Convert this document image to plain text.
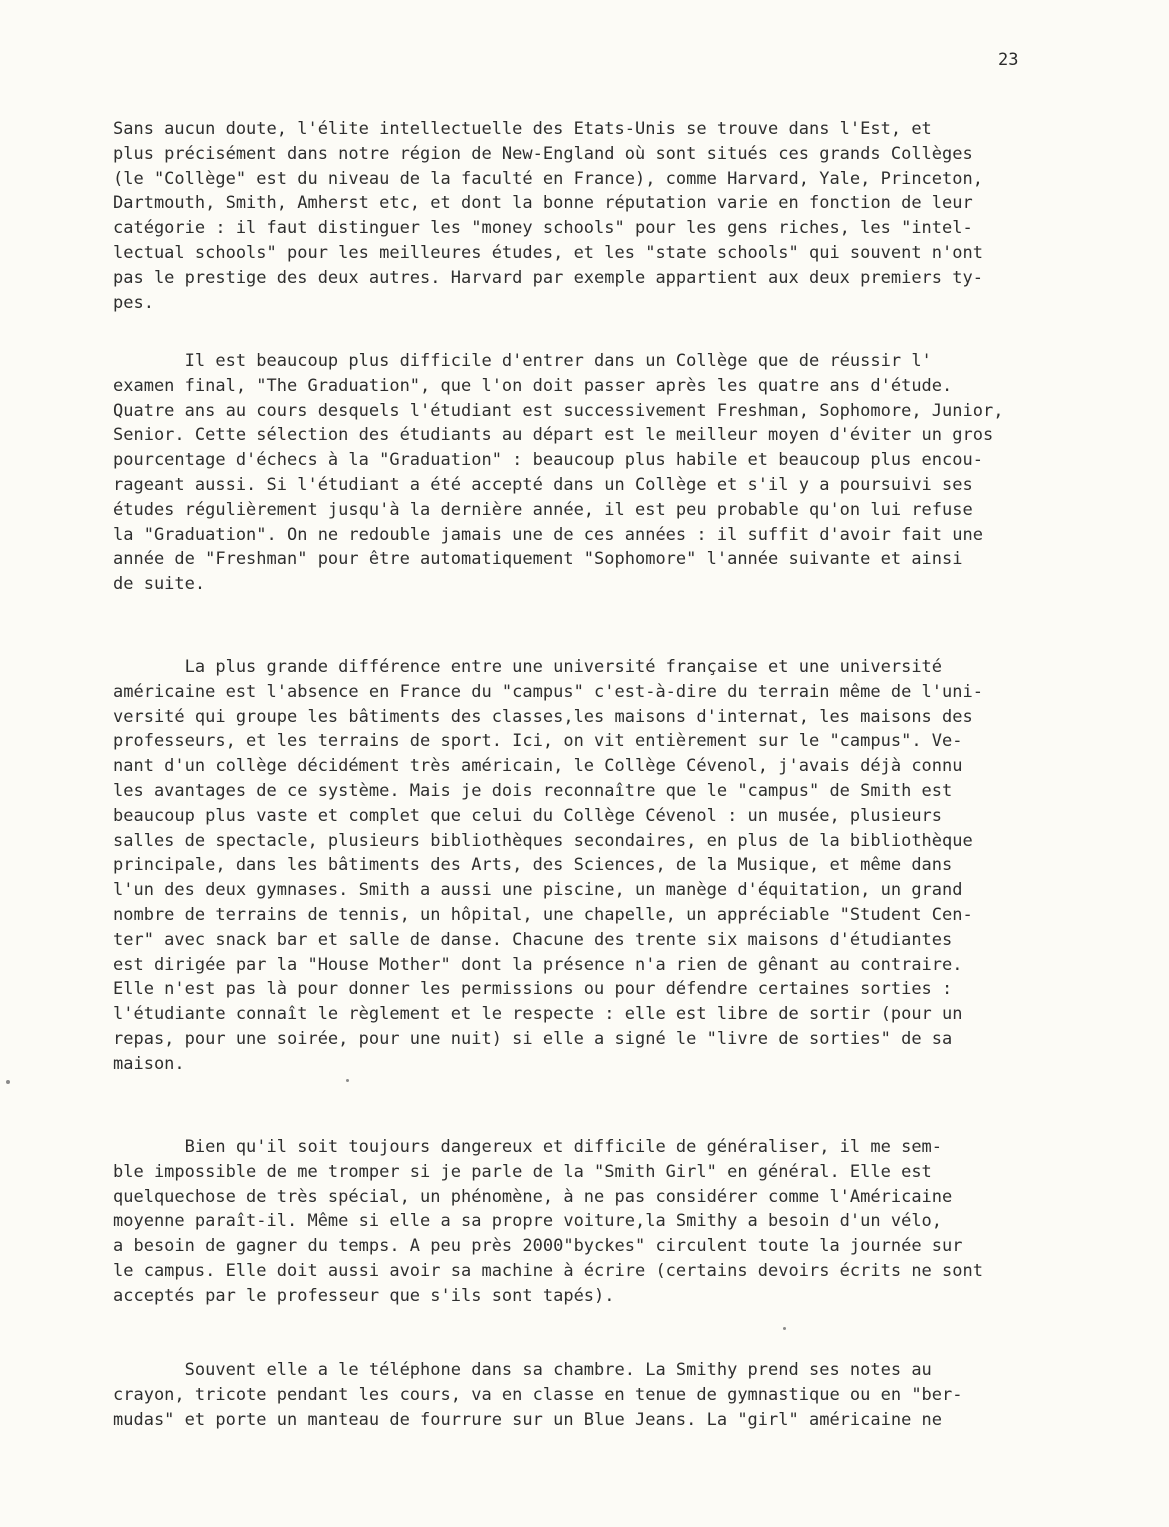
23
Sans aucun doute, l'élite intellectuelle des Etats-Unis se trouve dans l'Est, et
plus précisément dans notre région de New-England où sont situés ces grands Collèges
(le "Collège" est du niveau de la faculté en France), comme Harvard, Yale, Princeton,
Dartmouth, Smith, Amherst etc, et dont la bonne réputation varie en fonction de leur
catégorie : il faut distinguer les "money schools" pour les gens riches, les "intel-
lectual schools" pour les meilleures études, et les "state schools" qui souvent n'ont
pas le prestige des deux autres. Harvard par exemple appartient aux deux premiers ty-
pes.
Il est beaucoup plus difficile d'entrer dans un Collège que de réussir l'
examen final, "The Graduation", que l'on doit passer après les quatre ans d'étude.
Quatre ans au cours desquels l'étudiant est successivement Freshman, Sophomore, Junior,
Senior. Cette sélection des étudiants au départ est le meilleur moyen d'éviter un gros
pourcentage d'échecs à la "Graduation" : beaucoup plus habile et beaucoup plus encou-
rageant aussi. Si l'étudiant a été accepté dans un Collège et s'il y a poursuivi ses
études régulièrement jusqu'à la dernière année, il est peu probable qu'on lui refuse
la "Graduation". On ne redouble jamais une de ces années : il suffit d'avoir fait une
année de "Freshman" pour être automatiquement "Sophomore" l'année suivante et ainsi
de suite.
La plus grande différence entre une université française et une université
américaine est l'absence en France du "campus" c'est-à-dire du terrain même de l'uni-
versité qui groupe les bâtiments des classes,les maisons d'internat, les maisons des
professeurs, et les terrains de sport. Ici, on vit entièrement sur le "campus". Ve-
nant d'un collège décidément très américain, le Collège Cévenol, j'avais déjà connu
les avantages de ce système. Mais je dois reconnaître que le "campus" de Smith est
beaucoup plus vaste et complet que celui du Collège Cévenol : un musée, plusieurs
salles de spectacle, plusieurs bibliothèques secondaires, en plus de la bibliothèque
principale, dans les bâtiments des Arts, des Sciences, de la Musique, et même dans
l'un des deux gymnases. Smith a aussi une piscine, un manège d'équitation, un grand
nombre de terrains de tennis, un hôpital, une chapelle, un appréciable "Student Cen-
ter" avec snack bar et salle de danse. Chacune des trente six maisons d'étudiantes
est dirigée par la "House Mother" dont la présence n'a rien de gênant au contraire.
Elle n'est pas là pour donner les permissions ou pour défendre certaines sorties :
l'étudiante connaît le règlement et le respecte : elle est libre de sortir (pour un
repas, pour une soirée, pour une nuit) si elle a signé le "livre de sorties" de sa
maison.
Bien qu'il soit toujours dangereux et difficile de généraliser, il me sem-
ble impossible de me tromper si je parle de la "Smith Girl" en général. Elle est
quelquechose de très spécial, un phénomène, à ne pas considérer comme l'Américaine
moyenne paraît-il. Même si elle a sa propre voiture,la Smithy a besoin d'un vélo,
a besoin de gagner du temps. A peu près 2000"byckes" circulent toute la journée sur
le campus. Elle doit aussi avoir sa machine à écrire (certains devoirs écrits ne sont
acceptés par le professeur que s'ils sont tapés).
Souvent elle a le téléphone dans sa chambre. La Smithy prend ses notes au
crayon, tricote pendant les cours, va en classe en tenue de gymnastique ou en "ber-
mudas" et porte un manteau de fourrure sur un Blue Jeans. La "girl" américaine ne
